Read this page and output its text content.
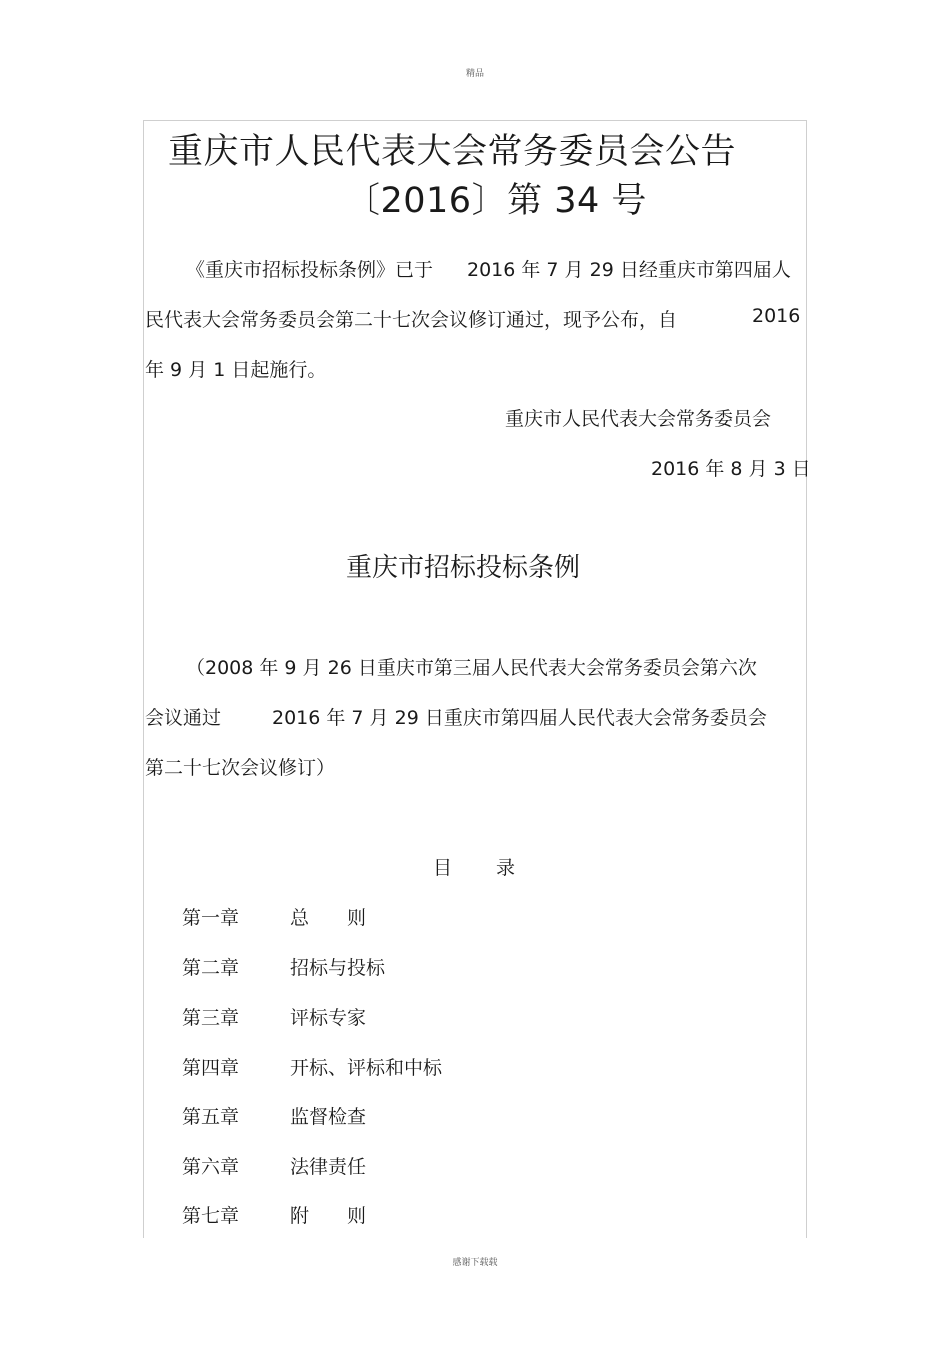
精品
重庆市人民代表大会常务委员会公告
〔2016〕第 34 号
《重庆市招标投标条例》已于 2016 年 7 月 29 日经重庆市第四届人
民代表大会常务委员会第二十七次会议修订通过，现予公布，自	2016
年 9 月 1 日起施行。
重庆市人民代表大会常务委员会
2016 年 8 月 3 日
重庆市招标投标条例
（2008 年 9 月 26 日重庆市第三届人民代表大会常务委员会第六次
会议通过	2016 年 7 月 29 日重庆市第四届人民代表大会常务委员会
第二十七次会议修订）
目 录
第一章	总　　则
第二章	招标与投标
第三章	评标专家
第四章	开标、评标和中标
第五章	监督检查
第六章	法律责任
第七章	附　　则
感谢下载载
